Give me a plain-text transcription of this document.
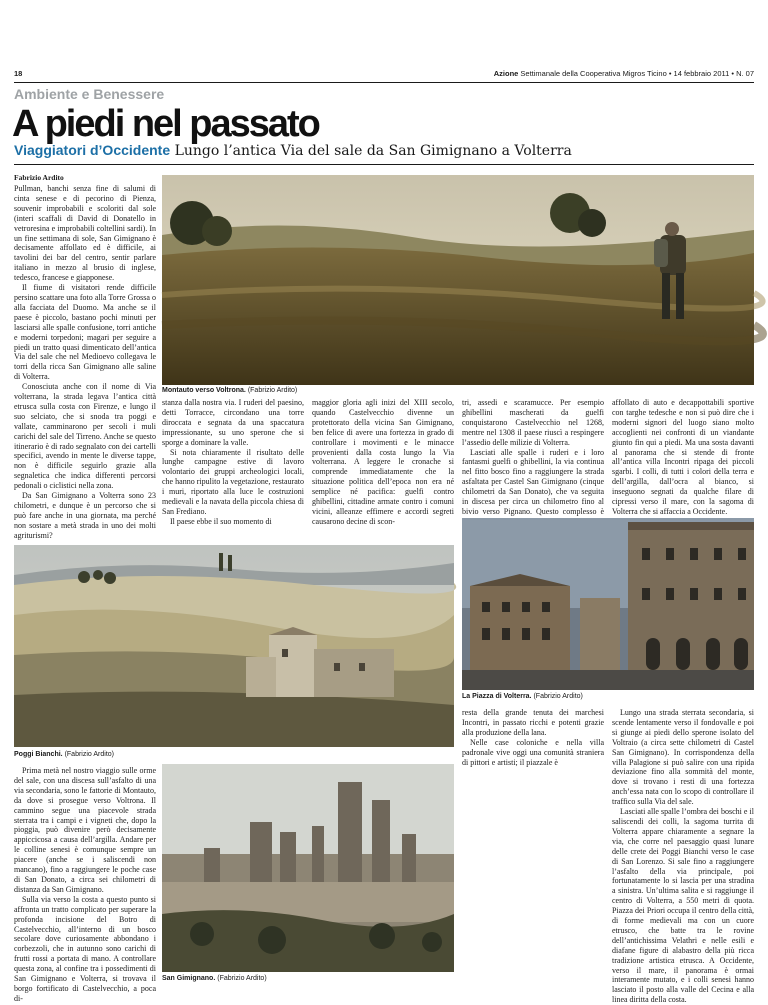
18	Azione Settimanale della Cooperativa Migros Ticino • 14 febbraio 2011 • N. 07
Ambiente e Benessere
A piedi nel passato
Viaggiatori d’Occidente Lungo l’antica Via del sale da San Gimignano a Volterra
Fabrizio Ardito

Pullman, banchi senza fine di salumi di cinta senese e di pecorino di Pienza, souvenir improbabili e scoloriti dal sole (interi scaffali di David di Donatello in vetroresina e improbabili coltellini sardi). In un fine settimana di sole, San Gimignano è decisamente affollato ed è difficile, ai tavolini dei bar del centro, sentir parlare italiano in mezzo al brusio di inglese, tedesco, francese e giapponese.

Il fiume di visitatori rende difficile persino scattare una foto alla Torre Grossa o alla facciata del Duomo. Ma anche se il paese è piccolo, bastano pochi minuti per lasciarsi alle spalle confusione, torri antiche e moderni torpedoni; magari per seguire a piedi un tratto quasi dimenticato dell’antica Via del sale che nel Medioevo collegava le torri della ricca San Gimignano alle saline di Volterra.

Conosciuta anche con il nome di Via volterrana, la strada legava l’antica città etrusca sulla costa con Firenze, e lungo il suo selciato, che si snoda tra poggi e vallate, camminarono per secoli i muli carichi del sale del Tirreno. Anche se questo itinerario è di rado segnalato con dei cartelli specifici, avendo in mente le diverse tappe, non è difficile seguirlo grazie alla segnaletica che indica differenti percorsi pedonali o ciclistici nella zona.

Da San Gimignano a Volterra sono 23 chilometri, e dunque è un percorso che si può fare anche in una giornata, ma perché non sostare a metà strada in uno dei molti agriturismi?

Montauto verso Voltrona. (Fabrizio Ardito)

stanza dalla nostra via. I ruderi del paesino, detti Torracce, circondano una torre diroccata e segnata da una spaccatura impressionante, su uno sperone che si sporge a dominare la valle.

Si nota chiaramente il risultato delle lunghe campagne estive di lavoro volontario dei gruppi archeologici locali, che hanno ripulito la vegetazione, restaurato i muri, riportato alla luce le costruzioni medievali e la navata della piccola chiesa di San Frediano.

Il paese ebbe il suo momento di

maggior gloria agli inizi del XIII secolo, quando Castelvecchio divenne un protettorato della vicina San Gimignano, ben felice di avere una fortezza in grado di controllare i movimenti e le minacce provenienti dalla costa lungo la Via volterrana. A leggere le cronache si comprende immediatamente che la situazione politica dell’epoca non era né semplice né pacifica: guelfi contro ghibellini, cittadine armate contro i comuni vicini, alleanze effimere e accordi segreti causarono decine di scon-

tri, assedi e scaramucce. Per esempio ghibellini mascherati da guelfi conquistarono Castelvecchio nel 1268, mentre nel 1308 il paese riuscì a respingere l’assedio delle milizie di Volterra.

Lasciati alle spalle i ruderi e i loro fantasmi guelfi o ghibellini, la via continua nel fitto bosco fino a raggiungere la strada asfaltata per Castel San Gimignano (cinque chilometri da San Donato), che va seguita in discesa per circa un chilometro fino al bivio verso Pignano. Questo complesso è

affollato di auto e decappottabili sportive con targhe tedesche e non si può dire che i moderni signori del luogo siano molto accoglienti nei confronti di un viandante giunto fin qui a piedi. Ma una sosta davanti al panorama che si stende di fronte all’antica villa Incontri ripaga dei piccoli sgarbi. I colli, di tutti i colori della terra e dell’argilla, dall’ocra al bianco, si inseguono segnati da qualche filare di cipressi verso il mare, con la sagoma di Volterra che si affaccia a Occidente.

Poggi Bianchi. (Fabrizio Ardito)
La Piazza di Volterra. (Fabrizio Ardito)

Prima metà nel nostro viaggio sulle orme del sale, con una discesa sull’asfalto di una via secondaria, sono le fattorie di Montauto, da dove si prosegue verso Voltrona. Il cammino segue una piacevole strada sterrata tra i campi e i vigneti che, dopo la pioggia, può divenire però decisamente appiccicosa a causa dell’argilla. Andare per le colline senesi è comunque sempre un piacere (anche se i saliscendi non mancano), fino a raggiungere le poche case di San Donato, a circa sei chilometri di distanza da San Gimignano.

Sulla via verso la costa a questo punto si affronta un tratto complicato per superare la profonda incisione del Botro di Castelvecchio, all’interno di un bosco secolare dove curiosamente abbondano i corbezzoli, che in autunno sono carichi di frutti rossi a portata di mano. A controllare questa zona, al confine tra i possedimenti di San Gimignano e Volterra, si trovava il borgo fortificato di Castelvecchio, a poca di-

San Gimignano. (Fabrizio Ardito)

resta della grande tenuta dei marchesi Incontri, in passato ricchi e potenti grazie alla produzione della lana.

Nelle case coloniche e nella villa padronale vive oggi una comunità straniera di pittori e artisti; il piazzale è

Lungo una strada sterrata secondaria, si scende lentamente verso il fondovalle e poi si giunge ai piedi dello sperone isolato del Voltraio (a circa sette chilometri di Castel San Gimignano). In corrispondenza della villa Palagione si può salire con una ripida deviazione fino alla sommità del monte, dove si trovano i resti di una fortezza anch’essa nata con lo scopo di controllare il traffico sulla Via del sale.

Lasciati alle spalle l’ombra dei boschi e il saliscendi dei colli, la sagoma turrita di Volterra appare chiaramente a segnare la via, che corre nel paesaggio quasi lunare delle crete dei Poggi Bianchi verso le case di San Lorenzo. Si sale fino a raggiungere l’asfalto della via principale, poi fortunatamente lo si lascia per una stradina a sinistra. Un’ultima salita e si raggiunge il centro di Volterra, a 550 metri di quota. Piazza dei Priori occupa il centro della città, di forme medievali ma con un cuore etrusco, che batte tra le rovine dell’antichissima Velathri e nelle esili e diafane figure di alabastro della più ricca tradizione artistica etrusca. A Occidente, verso il mare, il panorama è ormai interamente mutato, e i colli senesi hanno lasciato il posto alla valle del Cecina e alla linea diritta della costa.
